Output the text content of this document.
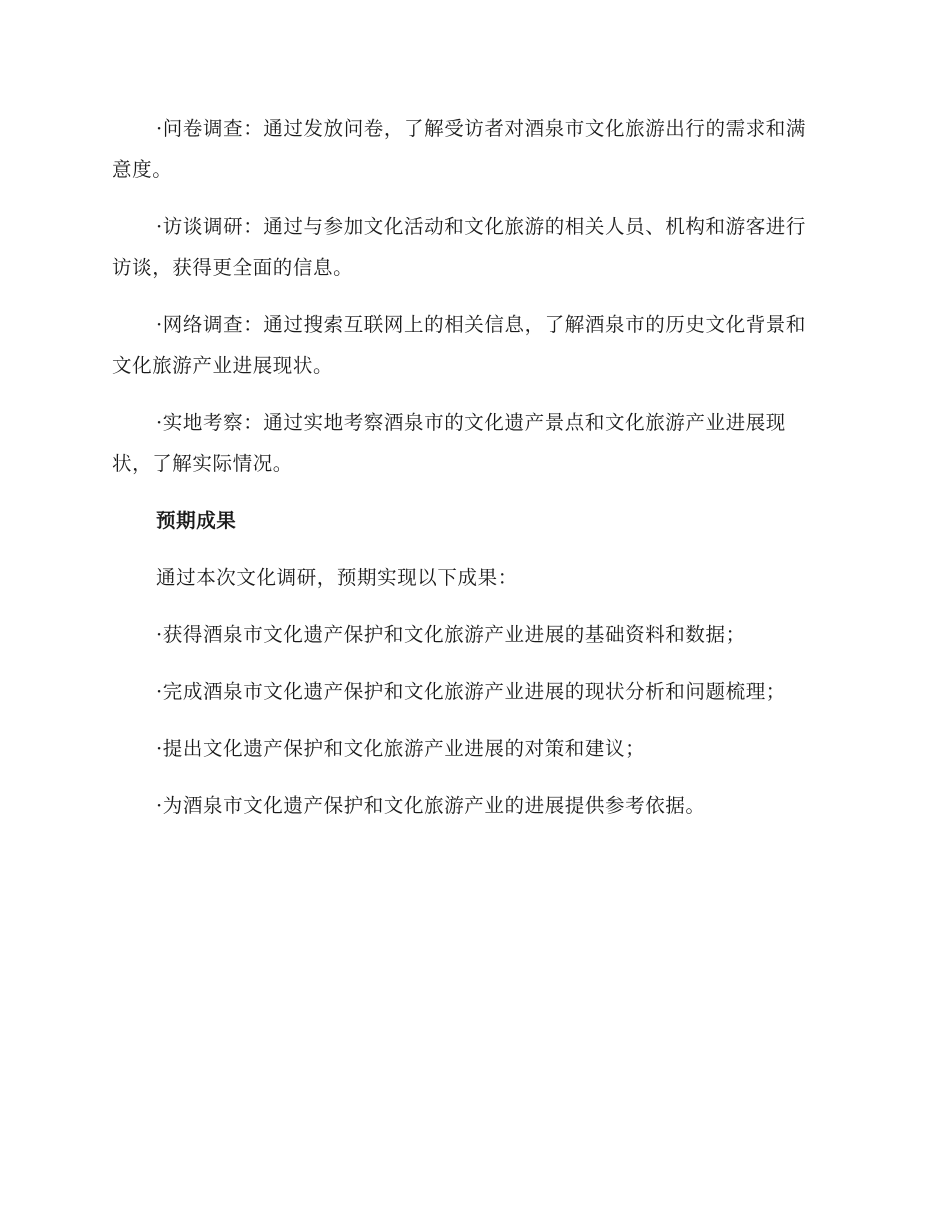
·问卷调查：通过发放问卷，了解受访者对酒泉市文化旅游出行的需求和满意度。

·访谈调研：通过与参加文化活动和文化旅游的相关人员、机构和游客进行访谈，获得更全面的信息。

·网络调查：通过搜索互联网上的相关信息，了解酒泉市的历史文化背景和文化旅游产业进展现状。

·实地考察：通过实地考察酒泉市的文化遗产景点和文化旅游产业进展现状，了解实际情况。

预期成果

通过本次文化调研，预期实现以下成果：

·获得酒泉市文化遗产保护和文化旅游产业进展的基础资料和数据；

·完成酒泉市文化遗产保护和文化旅游产业进展的现状分析和问题梳理；

·提出文化遗产保护和文化旅游产业进展的对策和建议；

·为酒泉市文化遗产保护和文化旅游产业的进展提供参考依据。
